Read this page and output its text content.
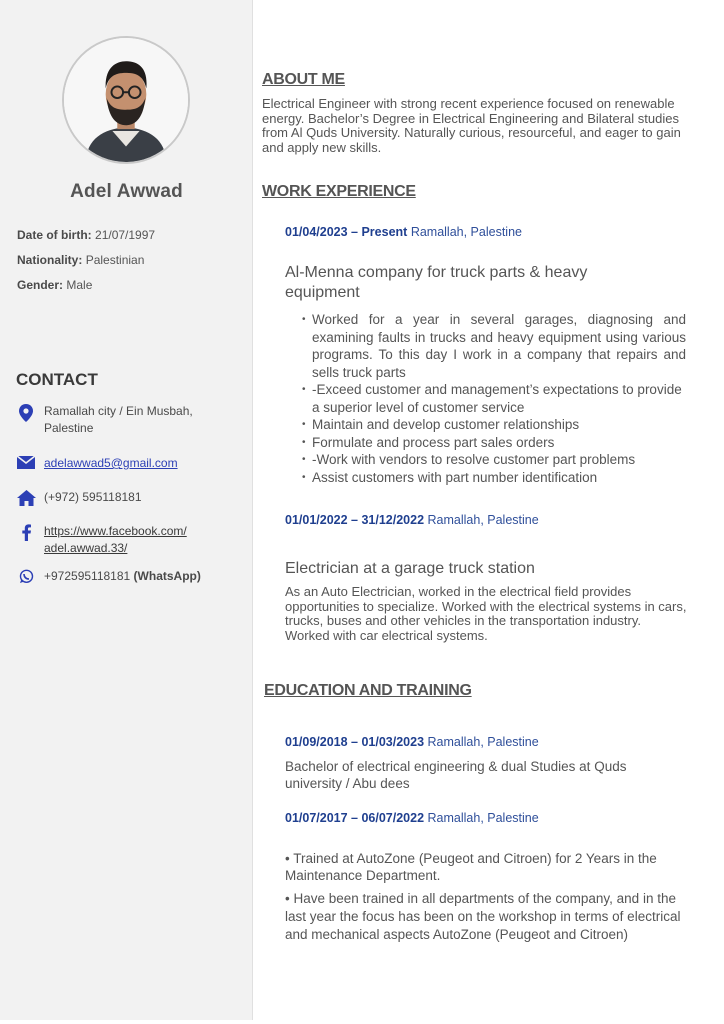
Adel Awwad
Date of birth: 21/07/1997
Nationality: Palestinian
Gender: Male
CONTACT
Ramallah city / Ein Musbah,
Palestine
adelawwad5@gmail.com
(+972) 595118181
https://www.facebook.com/
adel.awwad.33/
+972595118181 (WhatsApp)
ABOUT ME

Electrical Engineer with strong recent experience focused on renewable energy. Bachelor’s Degree in Electrical Engineering and Bilateral studies from Al Quds University. Naturally curious, resourceful, and eager to gain and apply new skills.

WORK EXPERIENCE
01/04/2023 – Present Ramallah, Palestine
Al-Menna company for truck parts & heavy equipment
• Worked for a year in several garages, diagnosing and examining faults in trucks and heavy equipment using various programs. To this day I work in a company that repairs and sells truck parts
• -Exceed customer and management’s expectations to provide a superior level of customer service
• Maintain and develop customer relationships
• Formulate and process part sales orders
• -Work with vendors to resolve customer part problems
• Assist customers with part number identification
01/01/2022 – 31/12/2022 Ramallah, Palestine
Electrician at a garage truck station

As an Auto Electrician, worked in the electrical field provides opportunities to specialize. Worked with the electrical systems in cars, trucks, buses and other vehicles in the transportation industry. Worked with car electrical systems.

EDUCATION AND TRAINING
01/09/2018 – 01/03/2023 Ramallah, Palestine

Bachelor of electrical engineering & dual Studies at Quds university / Abu dees

01/07/2017 – 06/07/2022 Ramallah, Palestine

• Trained at AutoZone (Peugeot and Citroen) for 2 Years in the Maintenance Department.

• Have been trained in all departments of the company, and in the last year the focus has been on the workshop in terms of electrical and mechanical aspects AutoZone (Peugeot and Citroen)
